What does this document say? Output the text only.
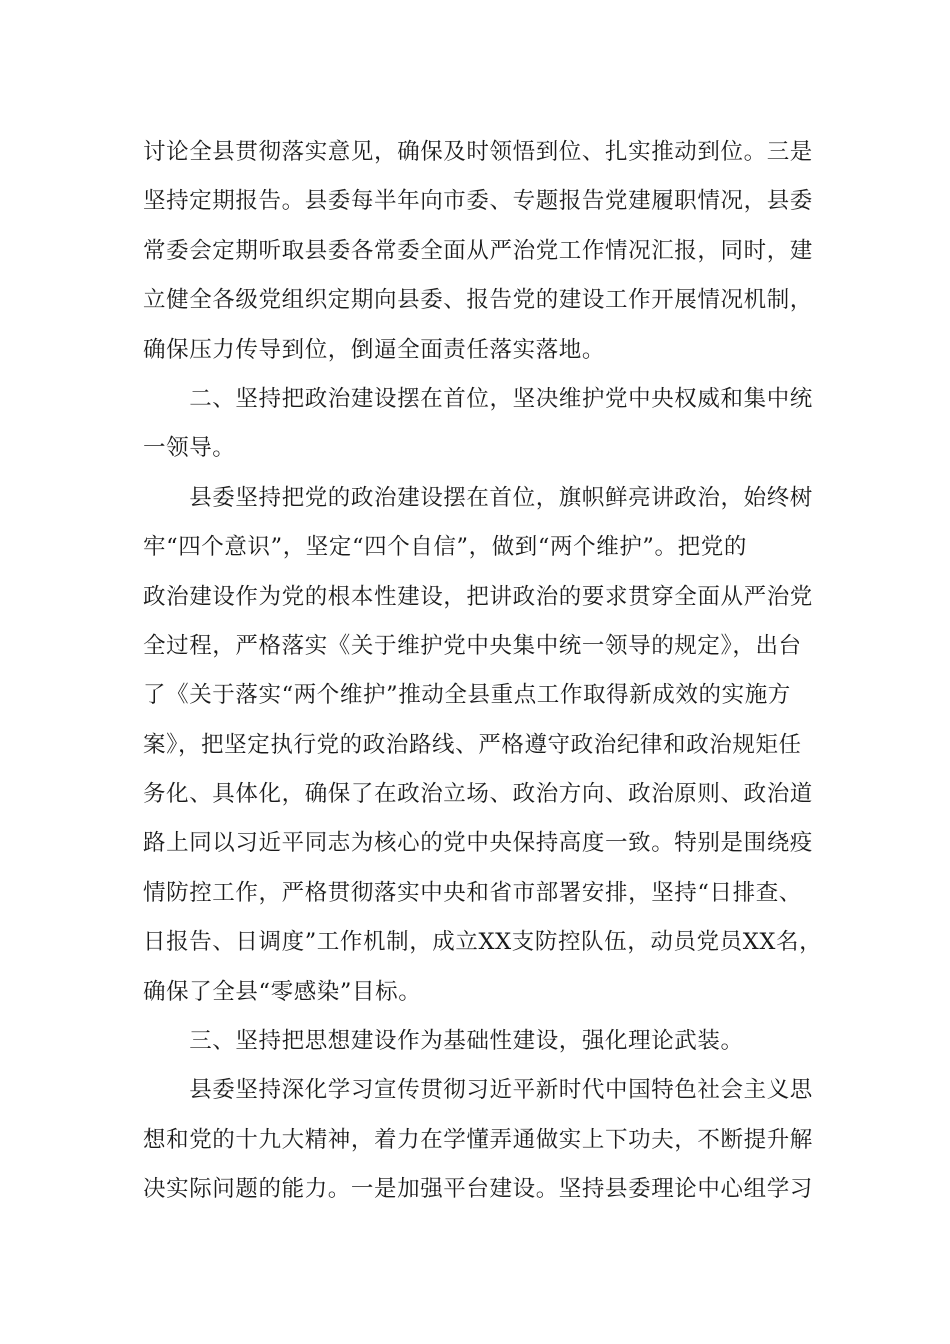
讨论全县贯彻落实意见，确保及时领悟到位、扎实推动到位。三是
坚持定期报告。县委每半年向市委、专题报告党建履职情况，县委
常委会定期听取县委各常委全面从严治党工作情况汇报，同时，建
立健全各级党组织定期向县委、报告党的建设工作开展情况机制，
确保压力传导到位，倒逼全面责任落实落地。
　　二、坚持把政治建设摆在首位，坚决维护党中央权威和集中统
一领导。
　　县委坚持把党的政治建设摆在首位，旗帜鲜亮讲政治，始终树
牢“四个意识”，坚定“四个自信”，做到“两个维护”。把党的
政治建设作为党的根本性建设，把讲政治的要求贯穿全面从严治党
全过程，严格落实《关于维护党中央集中统一领导的规定》，出台
了《关于落实“两个维护”推动全县重点工作取得新成效的实施方
案》，把坚定执行党的政治路线、严格遵守政治纪律和政治规矩任
务化、具体化，确保了在政治立场、政治方向、政治原则、政治道
路上同以习近平同志为核心的党中央保持高度一致。特别是围绕疫
情防控工作，严格贯彻落实中央和省市部署安排，坚持“日排查、
日报告、日调度”工作机制，成立XX支防控队伍，动员党员XX名，
确保了全县“零感染”目标。
　　三、坚持把思想建设作为基础性建设，强化理论武装。
　　县委坚持深化学习宣传贯彻习近平新时代中国特色社会主义思
想和党的十九大精神，着力在学懂弄通做实上下功夫，不断提升解
决实际问题的能力。一是加强平台建设。坚持县委理论中心组学习
